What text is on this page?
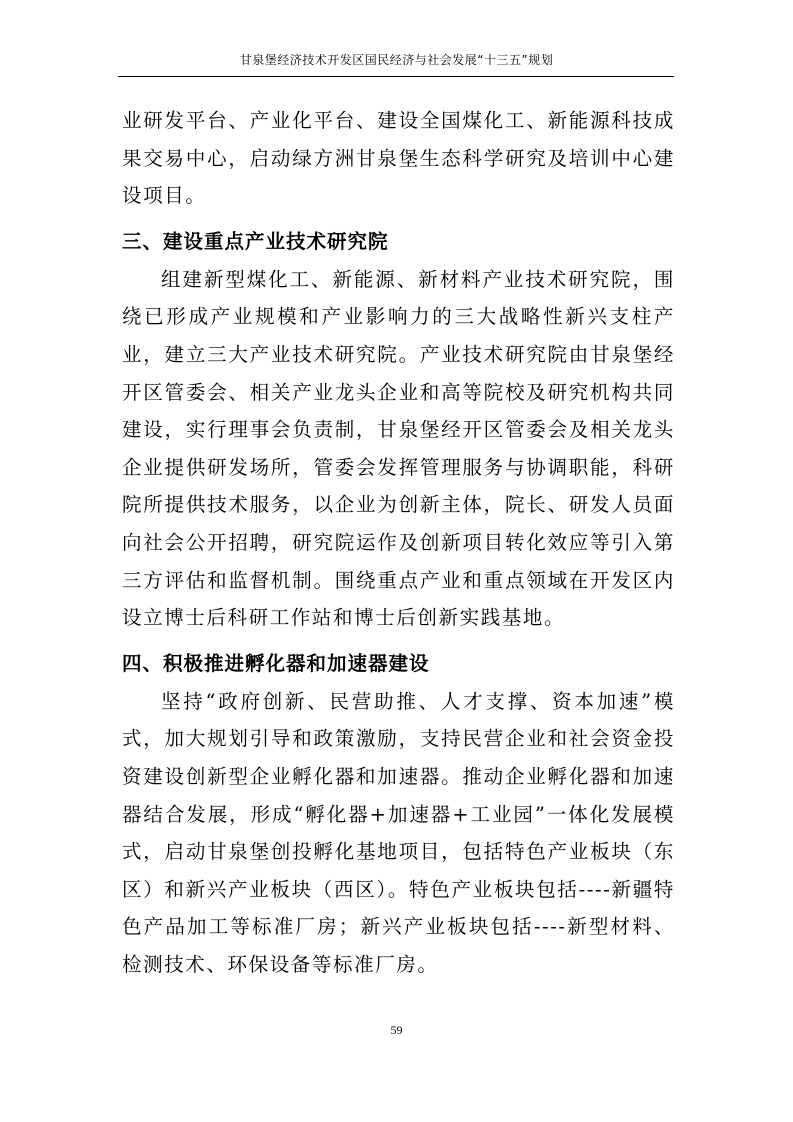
甘泉堡经济技术开发区国民经济与社会发展“十三五”规划

业研发平台、产业化平台、建设全国煤化工、新能源科技成果交易中心，启动绿方洲甘泉堡生态科学研究及培训中心建设项目。

三、建设重点产业技术研究院

组建新型煤化工、新能源、新材料产业技术研究院，围绕已形成产业规模和产业影响力的三大战略性新兴支柱产业，建立三大产业技术研究院。产业技术研究院由甘泉堡经开区管委会、相关产业龙头企业和高等院校及研究机构共同建设，实行理事会负责制，甘泉堡经开区管委会及相关龙头企业提供研发场所，管委会发挥管理服务与协调职能，科研院所提供技术服务，以企业为创新主体，院长、研发人员面向社会公开招聘，研究院运作及创新项目转化效应等引入第三方评估和监督机制。围绕重点产业和重点领域在开发区内设立博士后科研工作站和博士后创新实践基地。

四、积极推进孵化器和加速器建设

坚持“政府创新、民营助推、人才支撑、资本加速”模式，加大规划引导和政策激励，支持民营企业和社会资金投资建设创新型企业孵化器和加速器。推动企业孵化器和加速器结合发展，形成“孵化器+加速器+工业园”一体化发展模式，启动甘泉堡创投孵化基地项目，包括特色产业板块（东区）和新兴产业板块（西区）。特色产业板块包括----新疆特色产品加工等标准厂房；新兴产业板块包括----新型材料、检测技术、环保设备等标准厂房。

59
